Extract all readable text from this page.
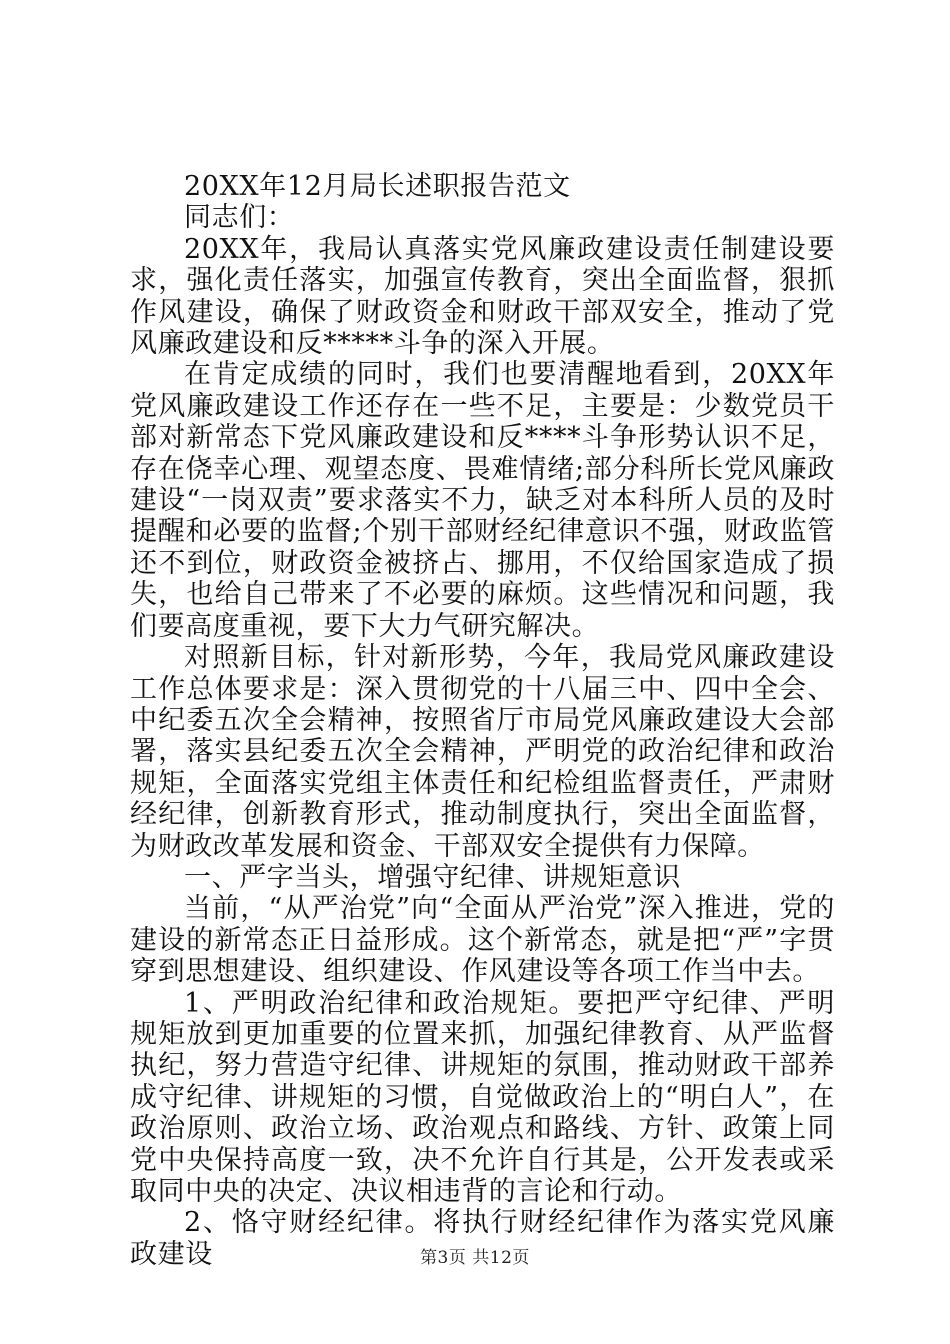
20XX年12月局长述职报告范文

同志们：

20XX年，我局认真落实党风廉政建设责任制建设要求，强化责任落实，加强宣传教育，突出全面监督，狠抓作风建设，确保了财政资金和财政干部双安全，推动了党风廉政建设和反*****斗争的深入开展。

在肯定成绩的同时，我们也要清醒地看到，20XX年党风廉政建设工作还存在一些不足，主要是：少数党员干部对新常态下党风廉政建设和反****斗争形势认识不足，存在侥幸心理、观望态度、畏难情绪;部分科所长党风廉政建设“一岗双责”要求落实不力，缺乏对本科所人员的及时提醒和必要的监督;个别干部财经纪律意识不强，财政监管还不到位，财政资金被挤占、挪用，不仅给国家造成了损失，也给自己带来了不必要的麻烦。这些情况和问题，我们要高度重视，要下大力气研究解决。

对照新目标，针对新形势，今年，我局党风廉政建设工作总体要求是：深入贯彻党的十八届三中、四中全会、中纪委五次全会精神，按照省厅市局党风廉政建设大会部署，落实县纪委五次全会精神，严明党的政治纪律和政治规矩，全面落实党组主体责任和纪检组监督责任，严肃财经纪律，创新教育形式，推动制度执行，突出全面监督，为财政改革发展和资金、干部双安全提供有力保障。

一、严字当头，增强守纪律、讲规矩意识

当前，“从严治党”向“全面从严治党”深入推进，党的建设的新常态正日益形成。这个新常态，就是把“严”字贯穿到思想建设、组织建设、作风建设等各项工作当中去。

1、严明政治纪律和政治规矩。要把严守纪律、严明规矩放到更加重要的位置来抓，加强纪律教育、从严监督执纪，努力营造守纪律、讲规矩的氛围，推动财政干部养成守纪律、讲规矩的习惯，自觉做政治上的“明白人”，在政治原则、政治立场、政治观点和路线、方针、政策上同党中央保持高度一致，决不允许自行其是，公开发表或采取同中央的决定、决议相违背的言论和行动。

2、恪守财经纪律。将执行财经纪律作为落实党风廉政建设	第3页 共12页
